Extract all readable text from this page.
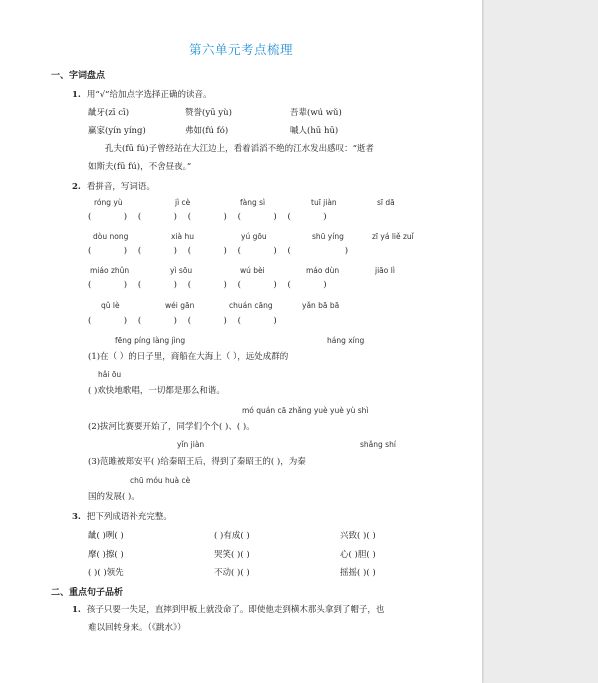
第六单元考点梳理
一、字词盘点
1. 用“√”给加点字选择正确的读音。
龇牙(zī cī)	赞誉(yū yù)	吾辈(wú wǔ)
赢家(yín yíng)	弗如(fú fó)	嘁人(hū hū)
孔夫(fū fú)子曾经站在大江边上，看着滔滔不绝的江水发出感叹：“逝者
如斯夫(fū fú)，不舍昼夜。”
2. 看拼音，写词语。
róng yù	jì cè	fàng sì	tuī jiàn	sī dā
(            )    (            )    (            )    (            )    (            )
dòu nong	xià hu	yú gōu	shū yíng	zī yá liě zuǐ
(            )    (            )    (            )    (            )    (                    )
miáo zhǔn	yì sōu	wú bèi	máo dùn	jiāo lì
(            )    (            )    (            )    (            )    (            )
qǔ lè	wéi gān	chuán cāng	yǎn bā bā
(            )    (            )    (            )    (            )
fēng píng làng jìng	háng xíng
(1)在（ ）的日子里，商船在大海上（ ），远处成群的
hǎi ōu
( )欢快地歌唱，一切都是那么和谐。
mó quán cā zhǎng yuè yuè yù shì
(2)拔河比赛要开始了，同学们个个( )、( )。
yǐn jiàn	shǎng shí
(3)范雎被郑安平( )给秦昭王后，得到了秦昭王的( )，为秦
chū móu huà cè
国的发展( )。
3. 把下列成语补充完整。
龇( )咧( )	( )有成( )	兴致( )( )
摩( )擦( )	哭笑( )( )	心( )胆( )
( )( )领先	不动( )( )	摇摇( )( )
二、重点句子品析
1. 孩子只要一失足，直摔到甲板上就没命了。即使他走到横木那头拿到了帽子，也
难以回转身来。（《跳水》）
